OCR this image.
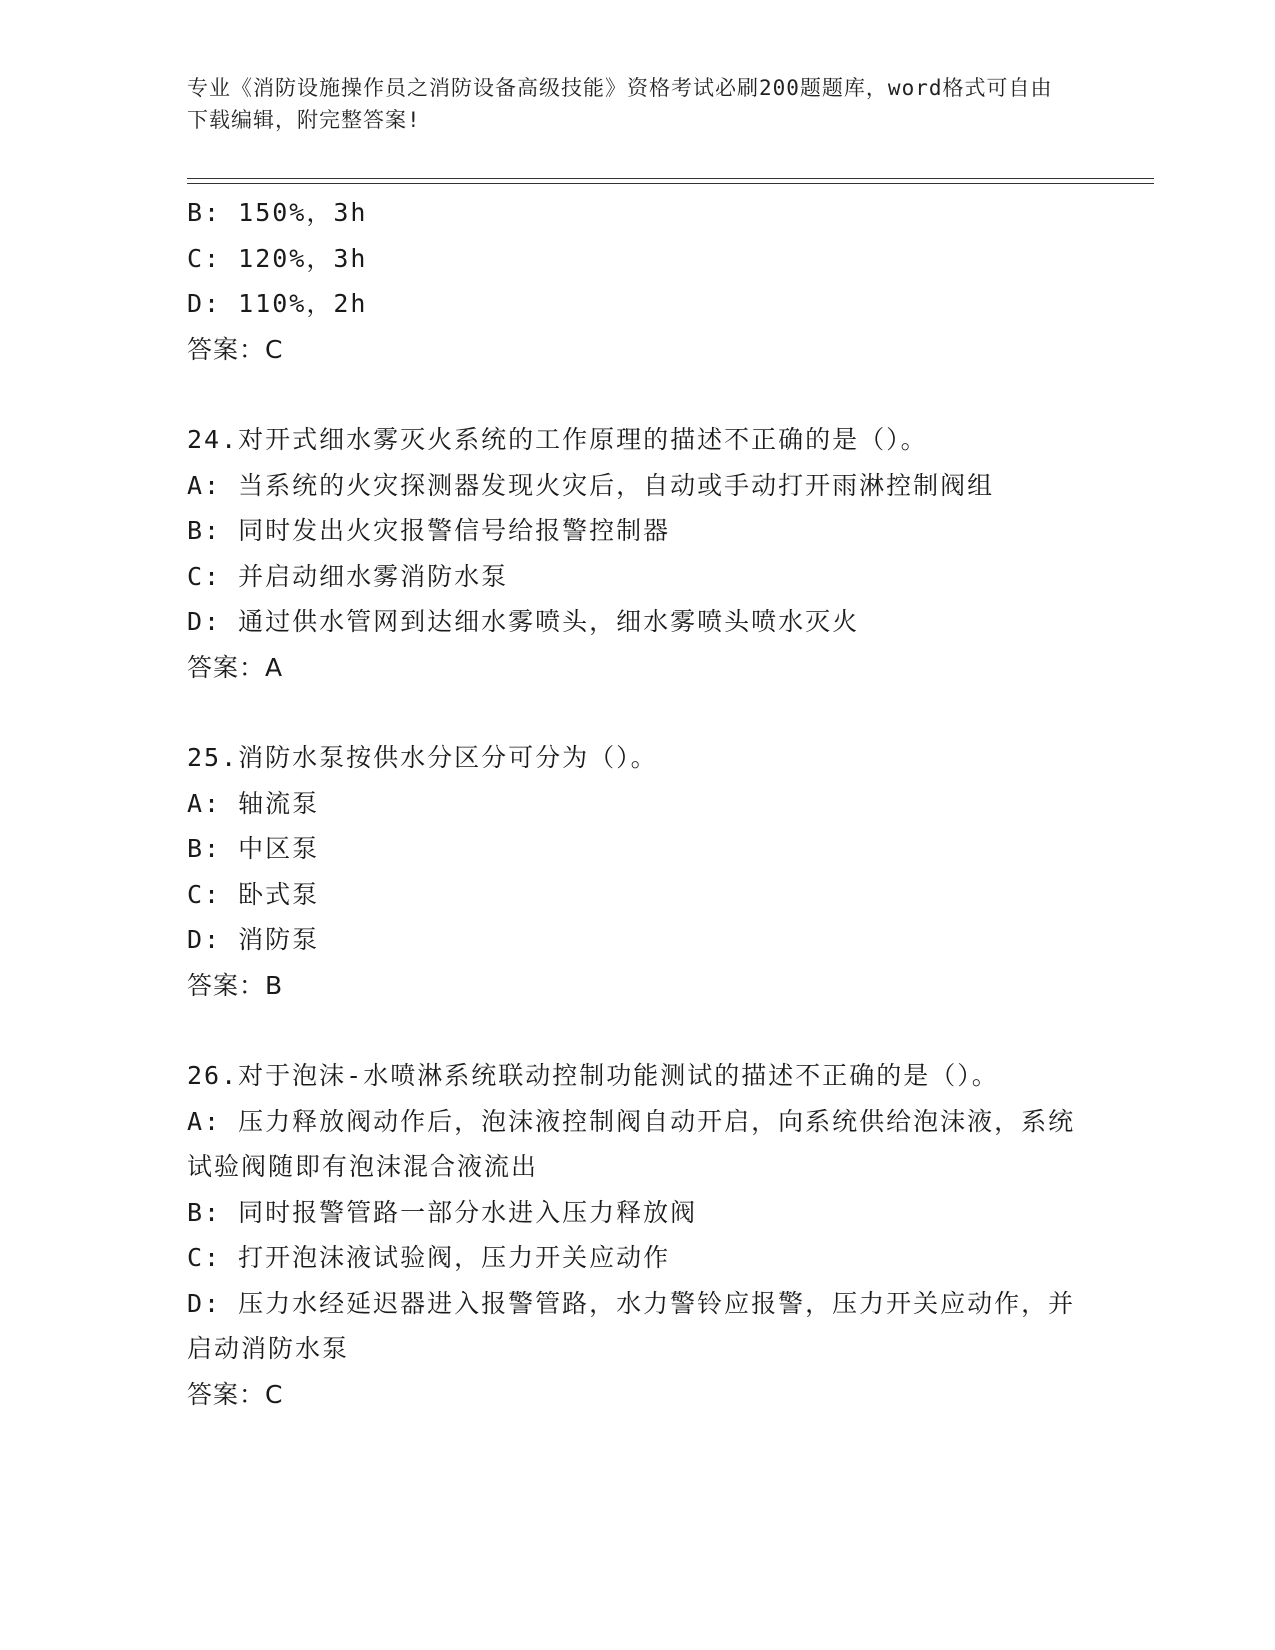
专业《消防设施操作员之消防设备高级技能》资格考试必刷200题题库，word格式可自由下载编辑，附完整答案!
B: 150%，3h
C: 120%，3h
D: 110%，2h
答案：C
24.对开式细水雾灭火系统的工作原理的描述不正确的是（）。
A: 当系统的火灾探测器发现火灾后，自动或手动打开雨淋控制阀组
B: 同时发出火灾报警信号给报警控制器
C: 并启动细水雾消防水泵
D: 通过供水管网到达细水雾喷头，细水雾喷头喷水灭火
答案：A
25.消防水泵按供水分区分可分为（）。
A: 轴流泵
B: 中区泵
C: 卧式泵
D: 消防泵
答案：B
26.对于泡沫-水喷淋系统联动控制功能测试的描述不正确的是（）。
A: 压力释放阀动作后，泡沫液控制阀自动开启，向系统供给泡沫液，系统试验阀随即有泡沫混合液流出
B: 同时报警管路一部分水进入压力释放阀
C: 打开泡沫液试验阀，压力开关应动作
D: 压力水经延迟器进入报警管路，水力警铃应报警，压力开关应动作，并启动消防水泵
答案：C
